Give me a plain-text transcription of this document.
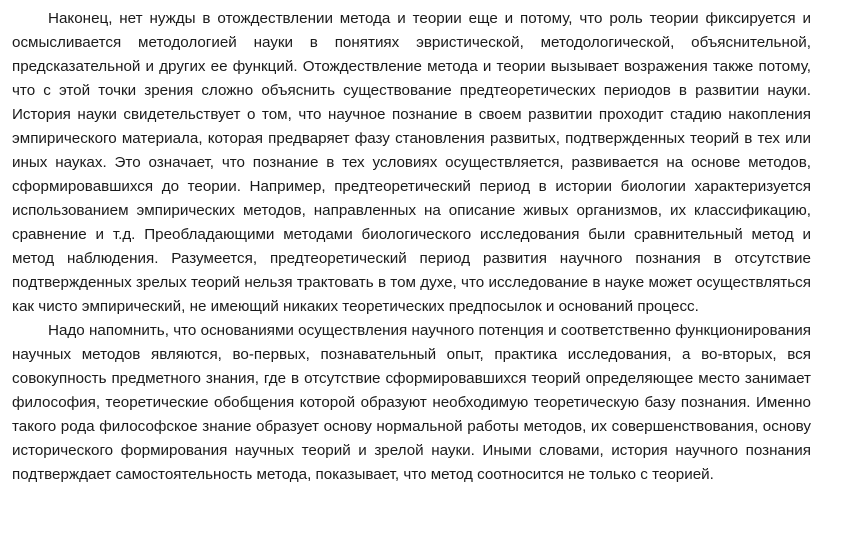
Наконец, нет нужды в отождествлении метода и теории еще и потому, что роль теории фиксируется и осмысливается методологией науки в понятиях эвристической, методологической, объяснительной, предсказательной и других ее функций. Отождествление метода и теории вызывает возражения также потому, что с этой точки зрения сложно объяснить существование предтеоретических периодов в развитии науки. История науки свидетельствует о том, что научное познание в своем развитии проходит стадию накопления эмпирического материала, которая предваряет фазу становления развитых, подтвержденных теорий в тех или иных науках. Это означает, что познание в тех условиях осуществляется, развивается на основе методов, сформировавшихся до теории. Например, предтеоретический период в истории биологии характеризуется использованием эмпирических методов, направленных на описание живых организмов, их классификацию, сравнение и т.д. Преобладающими методами биологического исследования были сравнительный метод и метод наблюдения. Разумеется, предтеоретический период развития научного познания в отсутствие подтвержденных зрелых теорий нельзя трактовать в том духе, что исследование в науке может осуществляться как чисто эмпирический, не имеющий никаких теоретических предпосылок и оснований процесс.

Надо напомнить, что основаниями осуществления научного потенция и соответственно функционирования научных методов являются, во-первых, познавательный опыт, практика исследования, а во-вторых, вся совокупность предметного знания, где в отсутствие сформировавшихся теорий определяющее место занимает философия, теоретические обобщения которой образуют необходимую теоретическую базу познания. Именно такого рода философское знание образует основу нормальной работы методов, их совершенствования, основу исторического формирования научных теорий и зрелой науки. Иными словами, история научного познания подтверждает самостоятельность метода, показывает, что метод соотносится не только с теорией.
